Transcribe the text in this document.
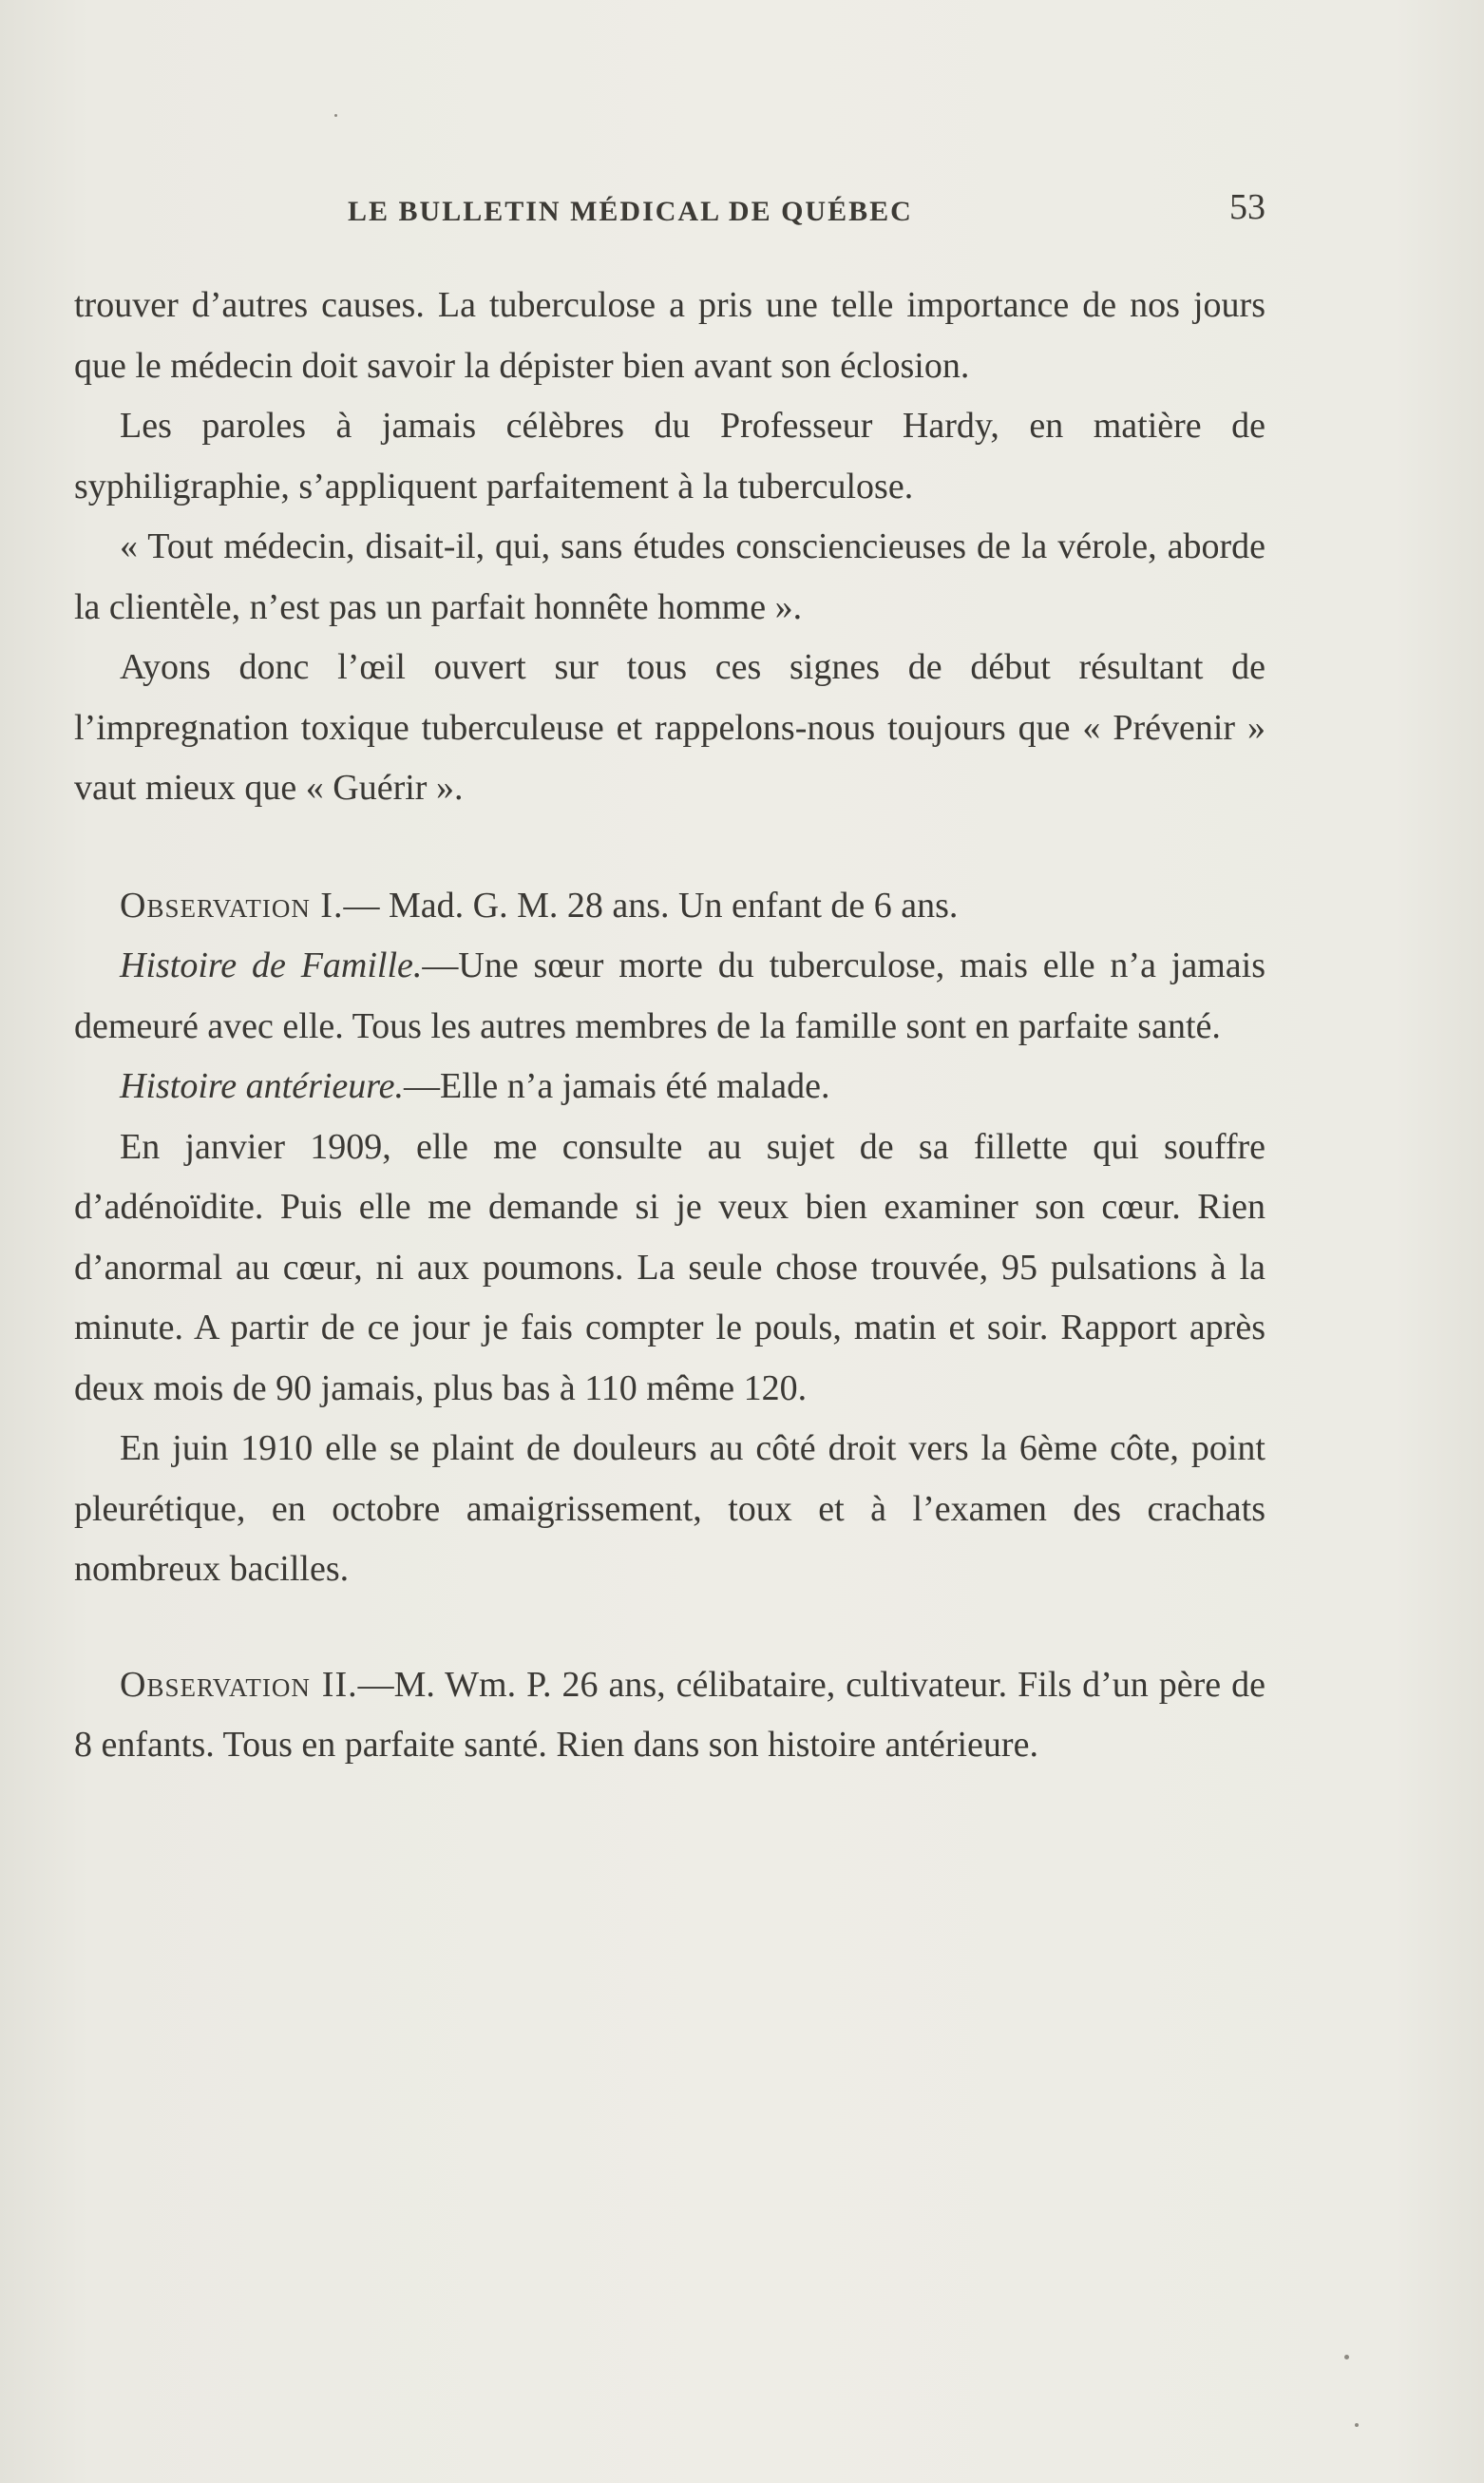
LE BULLETIN MÉDICAL DE QUÉBEC	53

trouver d’autres causes. La tuberculose a pris une telle importance de nos jours que le médecin doit savoir la dépister bien avant son éclosion.

Les paroles à jamais célèbres du Professeur Hardy, en matière de syphiligraphie, s’appliquent parfaitement à la tuberculose.

« Tout médecin, disait-il, qui, sans études consciencieuses de la vérole, aborde la clientèle, n’est pas un parfait honnête homme ».

Ayons donc l’œil ouvert sur tous ces signes de début résultant de l’impregnation toxique tuberculeuse et rappelons-nous toujours que « Prévenir » vaut mieux que « Guérir ».

Observation I.— Mad. G. M. 28 ans. Un enfant de 6 ans.

Histoire de Famille.—Une sœur morte du tuberculose, mais elle n’a jamais demeuré avec elle. Tous les autres membres de la famille sont en parfaite santé.

Histoire antérieure.—Elle n’a jamais été malade.

En janvier 1909, elle me consulte au sujet de sa fillette qui souffre d’adénoïdite. Puis elle me demande si je veux bien examiner son cœur. Rien d’anormal au cœur, ni aux poumons. La seule chose trouvée, 95 pulsations à la minute. A partir de ce jour je fais compter le pouls, matin et soir. Rapport après deux mois de 90 jamais, plus bas à 110 même 120.

En juin 1910 elle se plaint de douleurs au côté droit vers la 6ème côte, point pleurétique, en octobre amaigrissement, toux et à l’examen des crachats nombreux bacilles.

Observation II.—M. Wm. P. 26 ans, célibataire, cultivateur. Fils d’un père de 8 enfants. Tous en parfaite santé. Rien dans son histoire antérieure.
